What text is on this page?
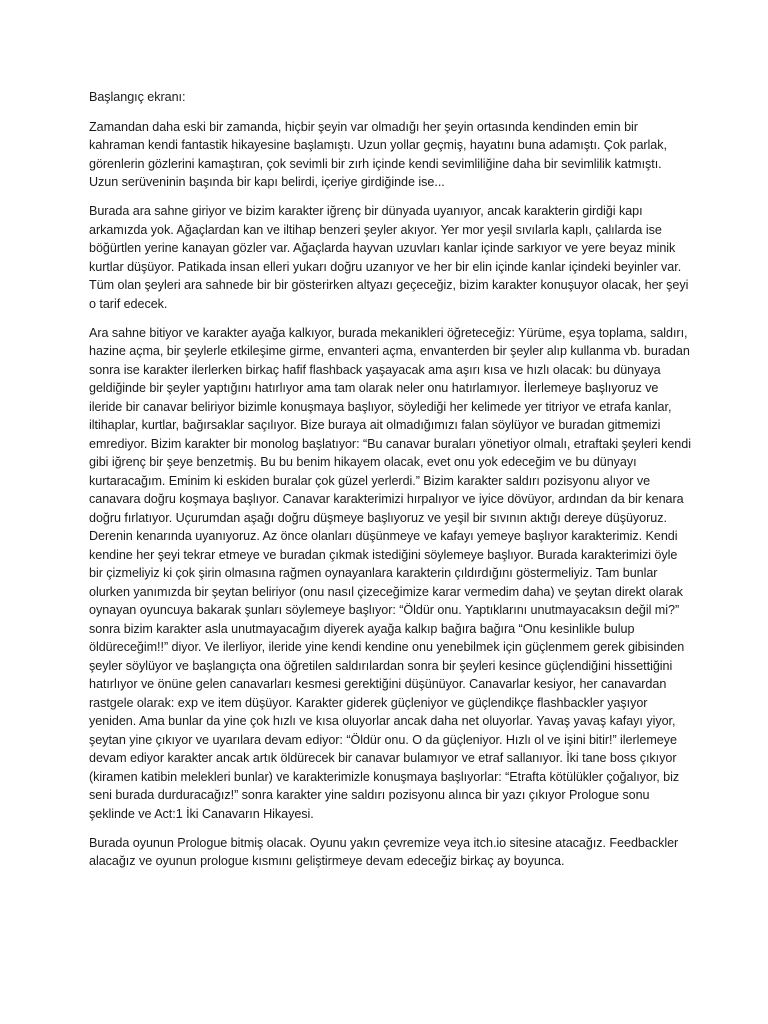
Başlangıç ekranı:

Zamandan daha eski bir zamanda, hiçbir şeyin var olmadığı her şeyin ortasında kendinden emin bir kahraman kendi fantastik hikayesine başlamıştı. Uzun yollar geçmiş, hayatını buna adamıştı. Çok parlak, görenlerin gözlerini kamaştıran, çok sevimli bir zırh içinde kendi sevimliliğine daha bir sevimlilik katmıştı. Uzun serüveninin başında bir kapı belirdi, içeriye girdiğinde ise...

Burada ara sahne giriyor ve bizim karakter iğrenç bir dünyada uyanıyor, ancak karakterin girdiği kapı arkamızda yok. Ağaçlardan kan ve iltihap benzeri şeyler akıyor. Yer mor yeşil sıvılarla kaplı, çalılarda ise böğürtlen yerine kanayan gözler var. Ağaçlarda hayvan uzuvları kanlar içinde sarkıyor ve yere beyaz minik kurtlar düşüyor. Patikada insan elleri yukarı doğru uzanıyor ve her bir elin içinde kanlar içindeki beyinler var. Tüm olan şeyleri ara sahnede bir bir gösterirken altyazı geçeceğiz, bizim karakter konuşuyor olacak, her şeyi o tarif edecek.

Ara sahne bitiyor ve karakter ayağa kalkıyor, burada mekanikleri öğreteceğiz: Yürüme, eşya toplama, saldırı, hazine açma, bir şeylerle etkileşime girme, envanteri açma, envanterden bir şeyler alıp kullanma vb. buradan sonra ise karakter ilerlerken birkaç hafif flashback yaşayacak ama aşırı kısa ve hızlı olacak: bu dünyaya geldiğinde bir şeyler yaptığını hatırlıyor ama tam olarak neler onu hatırlamıyor. İlerlemeye başlıyoruz ve ileride bir canavar beliriyor bizimle konuşmaya başlıyor, söylediği her kelimede yer titriyor ve etrafa kanlar, iltihaplar, kurtlar, bağırsaklar saçılıyor. Bize buraya ait olmadığımızı falan söylüyor ve buradan gitmemizi emrediyor. Bizim karakter bir monolog başlatıyor: “Bu canavar buraları yönetiyor olmalı, etraftaki şeyleri kendi gibi iğrenç bir şeye benzetmiş. Bu bu benim hikayem olacak, evet onu yok edeceğim ve bu dünyayı kurtaracağım. Eminim ki eskiden buralar çok güzel yerlerdi.” Bizim karakter saldırı pozisyonu alıyor ve canavara doğru koşmaya başlıyor. Canavar karakterimizi hırpalıyor ve iyice dövüyor, ardından da bir kenara doğru fırlatıyor. Uçurumdan aşağı doğru düşmeye başlıyoruz ve yeşil bir sıvının aktığı dereye düşüyoruz. Derenin kenarında uyanıyoruz. Az önce olanları düşünmeye ve kafayı yemeye başlıyor karakterimiz. Kendi kendine her şeyi tekrar etmeye ve buradan çıkmak istediğini söylemeye başlıyor. Burada karakterimizi öyle bir çizmeliyiz ki çok şirin olmasına rağmen oynayanlara karakterin çıldırdığını göstermeliyiz. Tam bunlar olurken yanımızda bir şeytan beliriyor (onu nasıl çizeceğimize karar vermedim daha) ve şeytan direkt olarak oynayan oyuncuya bakarak şunları söylemeye başlıyor: “Öldür onu. Yaptıklarını unutmayacaksın değil mi?” sonra bizim karakter asla unutmayacağım diyerek ayağa kalkıp bağıra bağıra “Onu kesinlikle bulup öldüreceğim!!” diyor. Ve ilerliyor, ileride yine kendi kendine onu yenebilmek için güçlenmem gerek gibisinden şeyler söylüyor ve başlangıçta ona öğretilen saldırılardan sonra bir şeyleri kesince güçlendiğini hissettiğini hatırlıyor ve önüne gelen canavarları kesmesi gerektiğini düşünüyor. Canavarlar kesiyor, her canavardan rastgele olarak: exp ve item düşüyor. Karakter giderek güçleniyor ve güçlendikçe flashbackler yaşıyor yeniden. Ama bunlar da yine çok hızlı ve kısa oluyorlar ancak daha net oluyorlar. Yavaş yavaş kafayı yiyor, şeytan yine çıkıyor ve uyarılara devam ediyor: “Öldür onu. O da güçleniyor. Hızlı ol ve işini bitir!” ilerlemeye devam ediyor karakter ancak artık öldürecek bir canavar bulamıyor ve etraf sallanıyor. İki tane boss çıkıyor (kiramen katibin melekleri bunlar) ve karakterimizle konuşmaya başlıyorlar: “Etrafta kötülükler çoğalıyor, biz seni burada durduracağız!” sonra karakter yine saldırı pozisyonu alınca bir yazı çıkıyor Prologue sonu şeklinde ve Act:1 İki Canavarın Hikayesi.

Burada oyunun Prologue bitmiş olacak. Oyunu yakın çevremize veya itch.io sitesine atacağız. Feedbackler alacağız ve oyunun prologue kısmını geliştirmeye devam edeceğiz birkaç ay boyunca.
